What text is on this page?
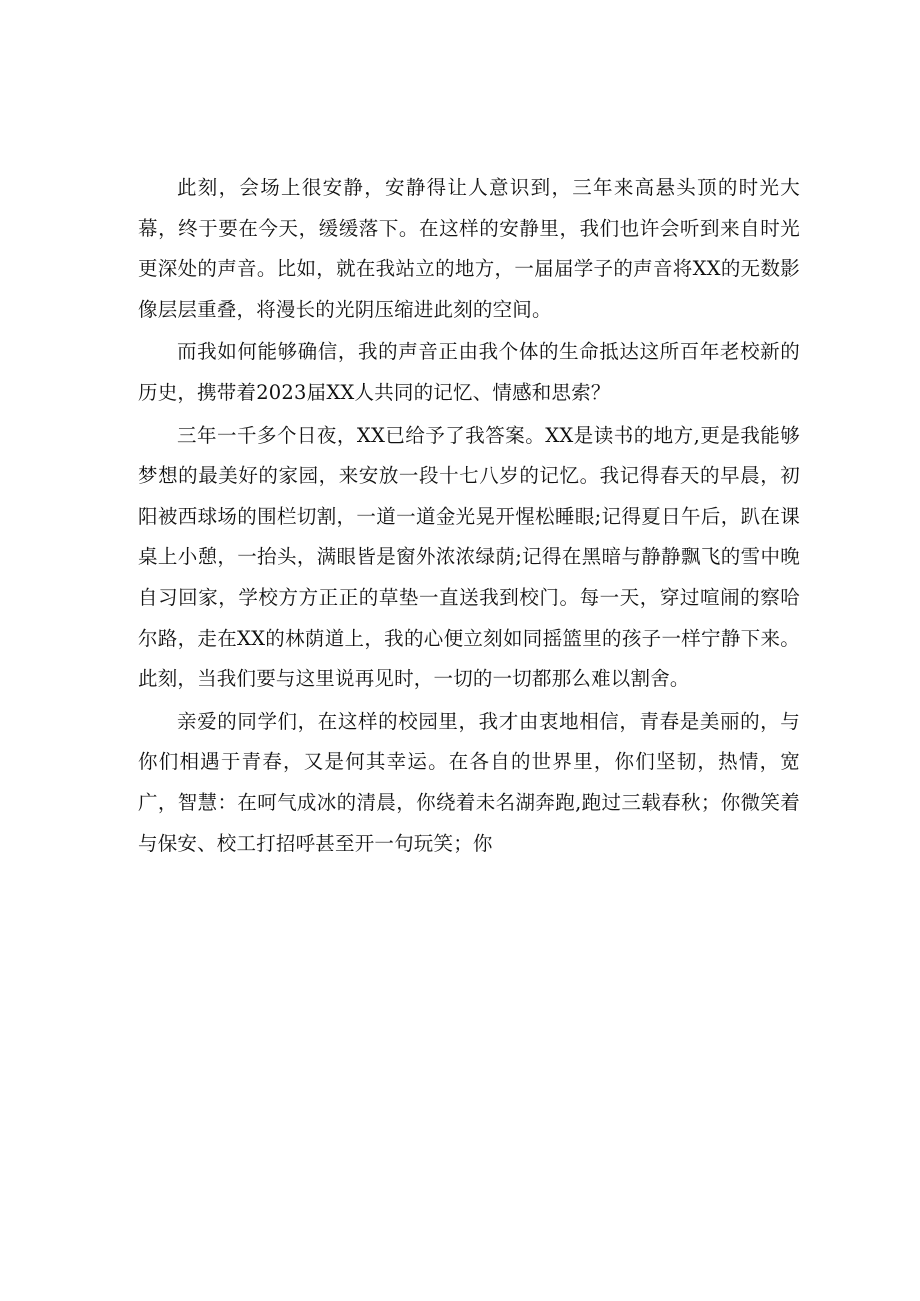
此刻，会场上很安静，安静得让人意识到，三年来高悬头顶的时光大幕，终于要在今天，缓缓落下。在这样的安静里，我们也许会听到来自时光更深处的声音。比如，就在我站立的地方，一届届学子的声音将XX的无数影像层层重叠，将漫长的光阴压缩进此刻的空间。

而我如何能够确信，我的声音正由我个体的生命抵达这所百年老校新的历史，携带着2023届XX人共同的记忆、情感和思索？

三年一千多个日夜，XX已给予了我答案。XX是读书的地方,更是我能够梦想的最美好的家园，来安放一段十七八岁的记忆。我记得春天的早晨，初阳被西球场的围栏切割，一道一道金光晃开惺松睡眼;记得夏日午后，趴在课桌上小憩，一抬头，满眼皆是窗外浓浓绿荫;记得在黑暗与静静飘飞的雪中晚自习回家，学校方方正正的草垫一直送我到校门。每一天，穿过喧闹的察哈尔路，走在XX的林荫道上，我的心便立刻如同摇篮里的孩子一样宁静下来。此刻，当我们要与这里说再见时，一切的一切都那么难以割舍。

亲爱的同学们，在这样的校园里，我才由衷地相信，青春是美丽的，与你们相遇于青春，又是何其幸运。在各自的世界里，你们坚韧，热情，宽广，智慧：在呵气成冰的清晨，你绕着未名湖奔跑,跑过三载春秋；你微笑着与保安、校工打招呼甚至开一句玩笑；你
